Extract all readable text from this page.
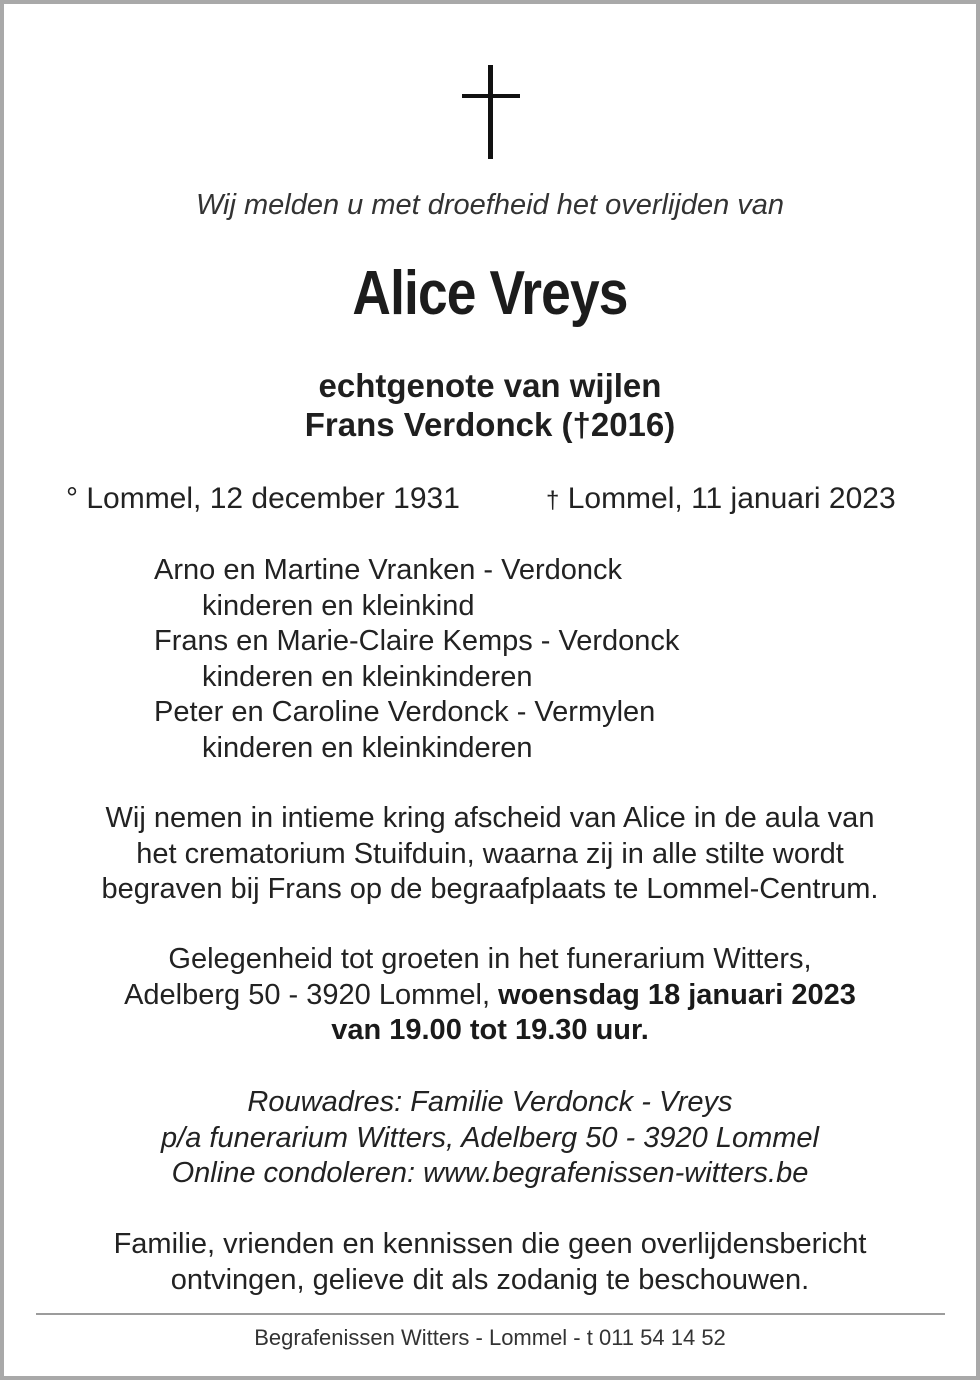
Wij melden u met droefheid het overlijden van
Alice Vreys
echtgenote van wijlen
Frans Verdonck (†2016)
° Lommel, 12 december 1931	† Lommel, 11 januari 2023
Arno en Martine Vranken - Verdonck
kinderen en kleinkind
Frans en Marie-Claire Kemps - Verdonck
kinderen en kleinkinderen
Peter en Caroline Verdonck - Vermylen
kinderen en kleinkinderen
Wij nemen in intieme kring afscheid van Alice in de aula van
het crematorium Stuifduin, waarna zij in alle stilte wordt
begraven bij Frans op de begraafplaats te Lommel-Centrum.
Gelegenheid tot groeten in het funerarium Witters,
Adelberg 50 - 3920 Lommel, woensdag 18 januari 2023
van 19.00 tot 19.30 uur.
Rouwadres: Familie Verdonck - Vreys
p/a funerarium Witters, Adelberg 50 - 3920 Lommel
Online condoleren: www.begrafenissen-witters.be
Familie, vrienden en kennissen die geen overlijdensbericht
ontvingen, gelieve dit als zodanig te beschouwen.
Begrafenissen Witters - Lommel - t 011 54 14 52
